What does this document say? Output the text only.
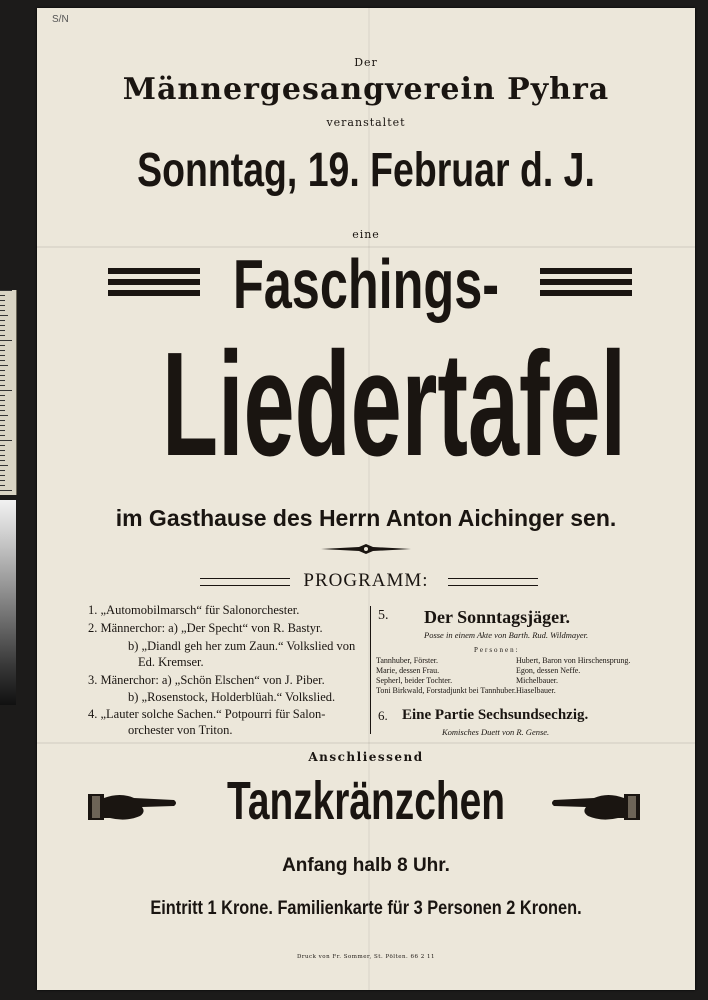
S/N
Der
Männergesangverein Pyhra
veranstaltet
Sonntag, 19. Februar d. J.
eine
Faschings-
Liedertafel
im Gasthause des Herrn Anton Aichinger sen.
PROGRAMM:
1. „Automobilmarsch“ für Salonorchester.
2. Männerchor: a) „Der Specht“ von R. Bastyr.
b) „Diandl geh her zum Zaun.“ Volkslied von
Ed. Kremser.
3. Mänerchor: a) „Schön Elschen“ von J. Piber.
b) „Rosenstock, Holderblüah.“ Volkslied.
4. „Lauter solche Sachen.“ Potpourri für Salon-
orchester von Triton.
5. Der Sonntagsjäger.
Posse in einem Akte von Barth. Rud. Wildmayer.
Personen:
Tannhuber, Förster.
Marie, dessen Frau.
Sepherl, beider Tochter.
Toni Birkwald, Forstadjunkt bei Tannhuber.
Hubert, Baron von Hirschensprung.
Egon, dessen Neffe.
Michelbauer.
Hiaselbauer.
6. Eine Partie Sechsundsechzig.
Komisches Duett von R. Gense.
Anschliessend
Tanzkränzchen
Anfang halb 8 Uhr.
Eintritt 1 Krone. Familienkarte für 3 Personen 2 Kronen.
Druck von Fr. Sommer, St. Pölten. 66 2 11
